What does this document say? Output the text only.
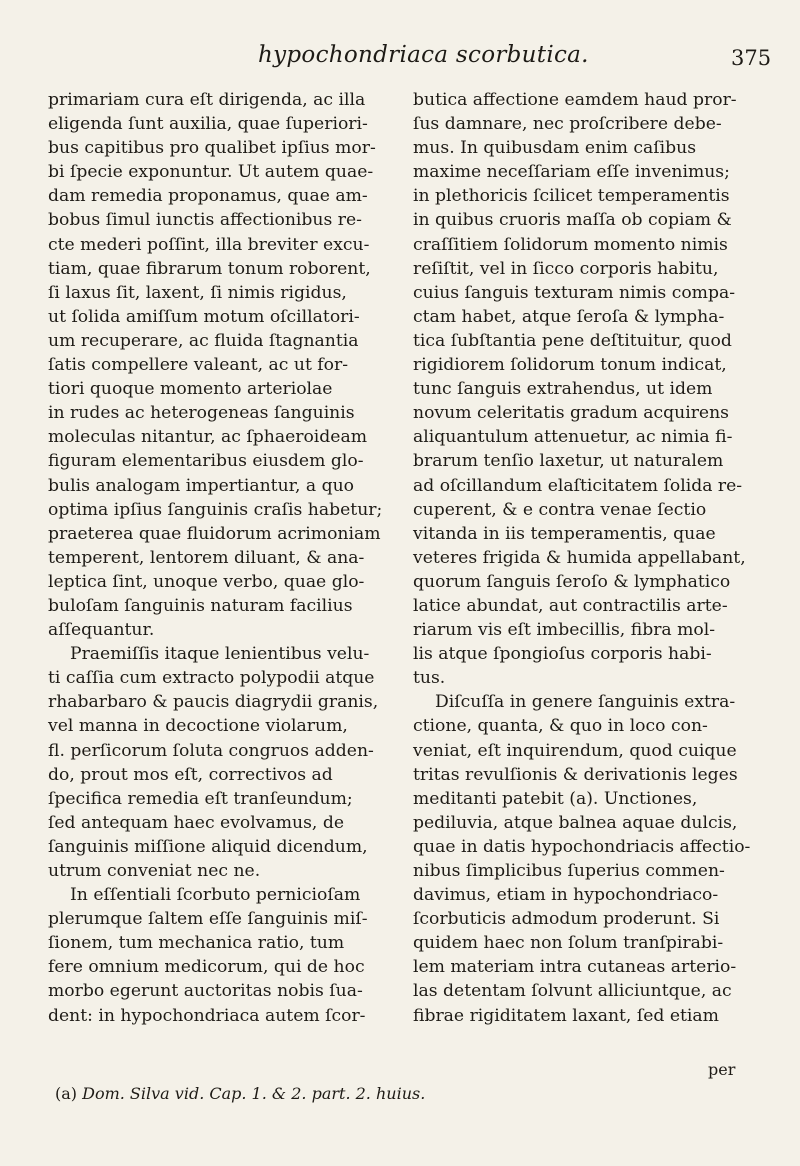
hypochondriaca scorbutica.	375
primariam cura eſt dirigenda, ac illa
eligenda ſunt auxilia, quae ſuperiori-
bus capitibus pro qualibet ipſius mor-
bi ſpecie exponuntur. Ut autem quae-
dam remedia proponamus, quae am-
bobus ſimul iunctis affectionibus re-
cte mederi poſſint, illa breviter excu-
tiam, quae fibrarum tonum roborent,
ſi laxus ſit, laxent, ſi nimis rigidus,
ut ſolida amiſſum motum oſcillatori-
um recuperare, ac fluida ſtagnantia
ſatis compellere valeant, ac ut for-
tiori quoque momento arteriolae
in rudes ac heterogeneas ſanguinis
moleculas nitantur, ac ſphaeroideam
figuram elementaribus eiusdem glo-
bulis analogam impertiantur, a quo
optima ipſius ſanguinis craſis habetur;
praeterea quae fluidorum acrimoniam
temperent, lentorem diluant, & ana-
leptica ſint, unoque verbo, quae glo-
buloſam ſanguinis naturam facilius
aſſequantur.
Praemiſſis itaque lenientibus velu-
ti caſſia cum extracto polypodii atque
rhabarbaro & paucis diagrydii granis,
vel manna in decoctione violarum,
fl. perſicorum ſoluta congruos adden-
do, prout mos eſt, correctivos ad
ſpecifica remedia eſt tranſeundum;
ſed antequam haec evolvamus, de
ſanguinis miſſione aliquid dicendum,
utrum conveniat nec ne.
In eſſentiali ſcorbuto pernicioſam
plerumque ſaltem eſſe ſanguinis miſ-
ſionem, tum mechanica ratio, tum
fere omnium medicorum, qui de hoc
morbo egerunt auctoritas nobis ſua-
dent: in hypochondriaca autem ſcor-
butica affectione eamdem haud pror-
ſus damnare, nec proſcribere debe-
mus. In quibusdam enim caſibus
maxime neceſſariam eſſe invenimus;
in plethoricis ſcilicet temperamentis
in quibus cruoris maſſa ob copiam &
craſſitiem ſolidorum momento nimis
reſiſtit, vel in ſicco corporis habitu,
cuius ſanguis texturam nimis compa-
ctam habet, atque ſeroſa & lympha-
tica ſubſtantia pene deſtituitur, quod
rigidiorem ſolidorum tonum indicat,
tunc ſanguis extrahendus, ut idem
novum celeritatis gradum acquirens
aliquantulum attenuetur, ac nimia fi-
brarum tenſio laxetur, ut naturalem
ad oſcillandum elaſticitatem ſolida re-
cuperent, & e contra venae ſectio
vitanda in iis temperamentis, quae
veteres frigida & humida appellabant,
quorum ſanguis ſeroſo & lymphatico
latice abundat, aut contractilis arte-
riarum vis eſt imbecillis, fibra mol-
lis atque ſpongioſus corporis habi-
tus.
Diſcuſſa in genere ſanguinis extra-
ctione, quanta, & quo in loco con-
veniat, eſt inquirendum, quod cuique
tritas revulſionis & derivationis leges
meditanti patebit (a). Unctiones,
pediluvia, atque balnea aquae dulcis,
quae in datis hypochondriacis affectio-
nibus ſimplicibus ſuperius commen-
davimus, etiam in hypochondriaco-
ſcorbuticis admodum proderunt. Si
quidem haec non ſolum tranſpirabi-
lem materiam intra cutaneas arterio-
las detentam ſolvunt alliciuntque, ac
fibrae rigiditatem laxant, ſed etiam
per
(a) Dom. Silva vid. Cap. 1. & 2. part. 2. huius.
